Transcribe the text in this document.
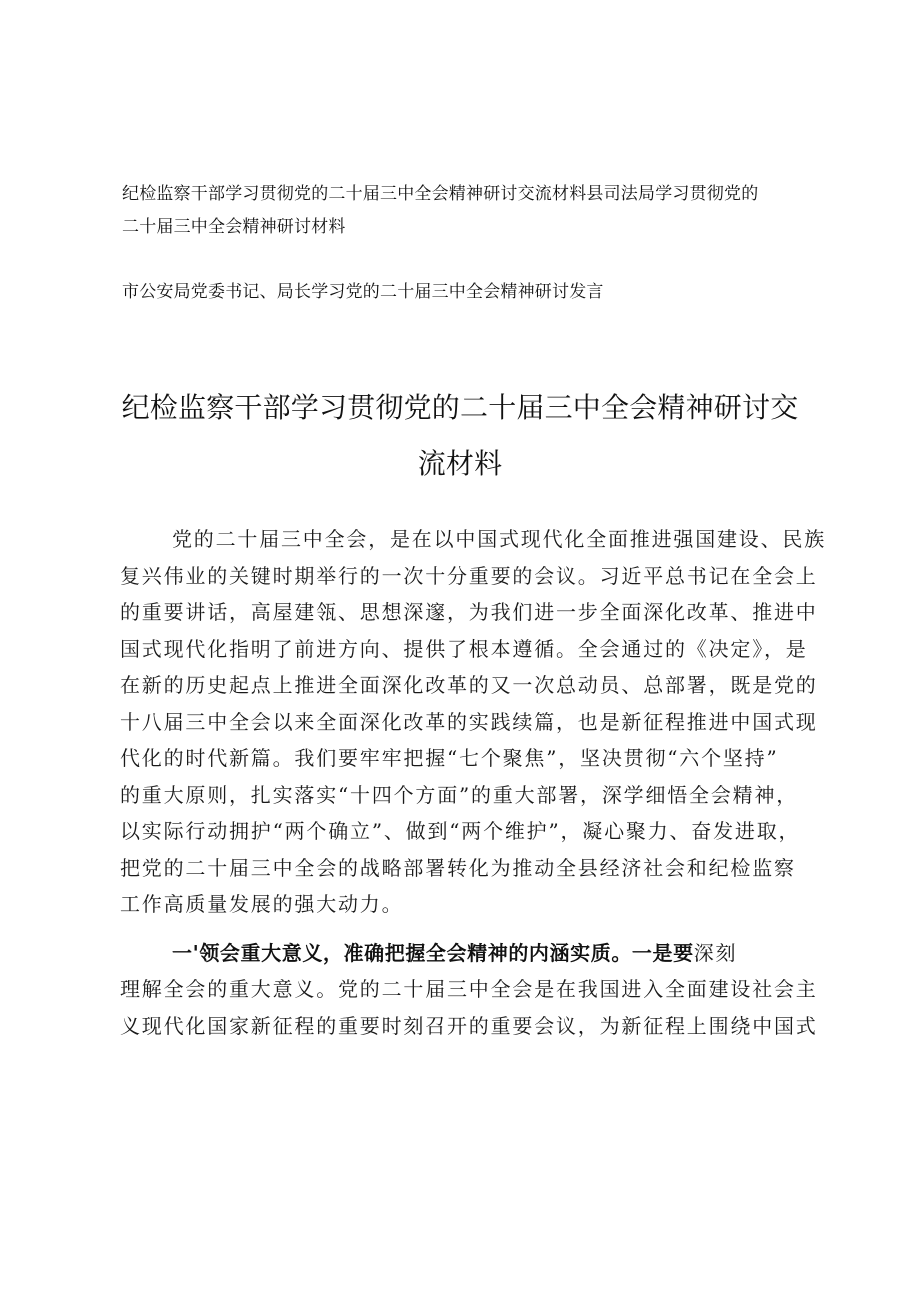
纪检监察干部学习贯彻党的二十届三中全会精神研讨交流材料县司法局学习贯彻党的
二十届三中全会精神研讨材料
市公安局党委书记、局长学习党的二十届三中全会精神研讨发言
纪检监察干部学习贯彻党的二十届三中全会精神研讨交
流材料
党的二十届三中全会，是在以中国式现代化全面推进强国建设、民族
复兴伟业的关键时期举行的一次十分重要的会议。习近平总书记在全会上
的重要讲话，高屋建瓴、思想深邃，为我们进一步全面深化改革、推进中
国式现代化指明了前进方向、提供了根本遵循。全会通过的《决定》，是
在新的历史起点上推进全面深化改革的又一次总动员、总部署，既是党的
十八届三中全会以来全面深化改革的实践续篇，也是新征程推进中国式现
代化的时代新篇。我们要牢牢把握“七个聚焦”，坚决贯彻“六个坚持”
的重大原则，扎实落实“十四个方面”的重大部署，深学细悟全会精神，
以实际行动拥护“两个确立”、做到“两个维护”，凝心聚力、奋发进取，
把党的二十届三中全会的战略部署转化为推动全县经济社会和纪检监察
工作高质量发展的强大动力。
一'领会重大意义，准确把握全会精神的内涵实质。一是要深刻
理解全会的重大意义。党的二十届三中全会是在我国进入全面建设社会主
义现代化国家新征程的重要时刻召开的重要会议，为新征程上围绕中国式
